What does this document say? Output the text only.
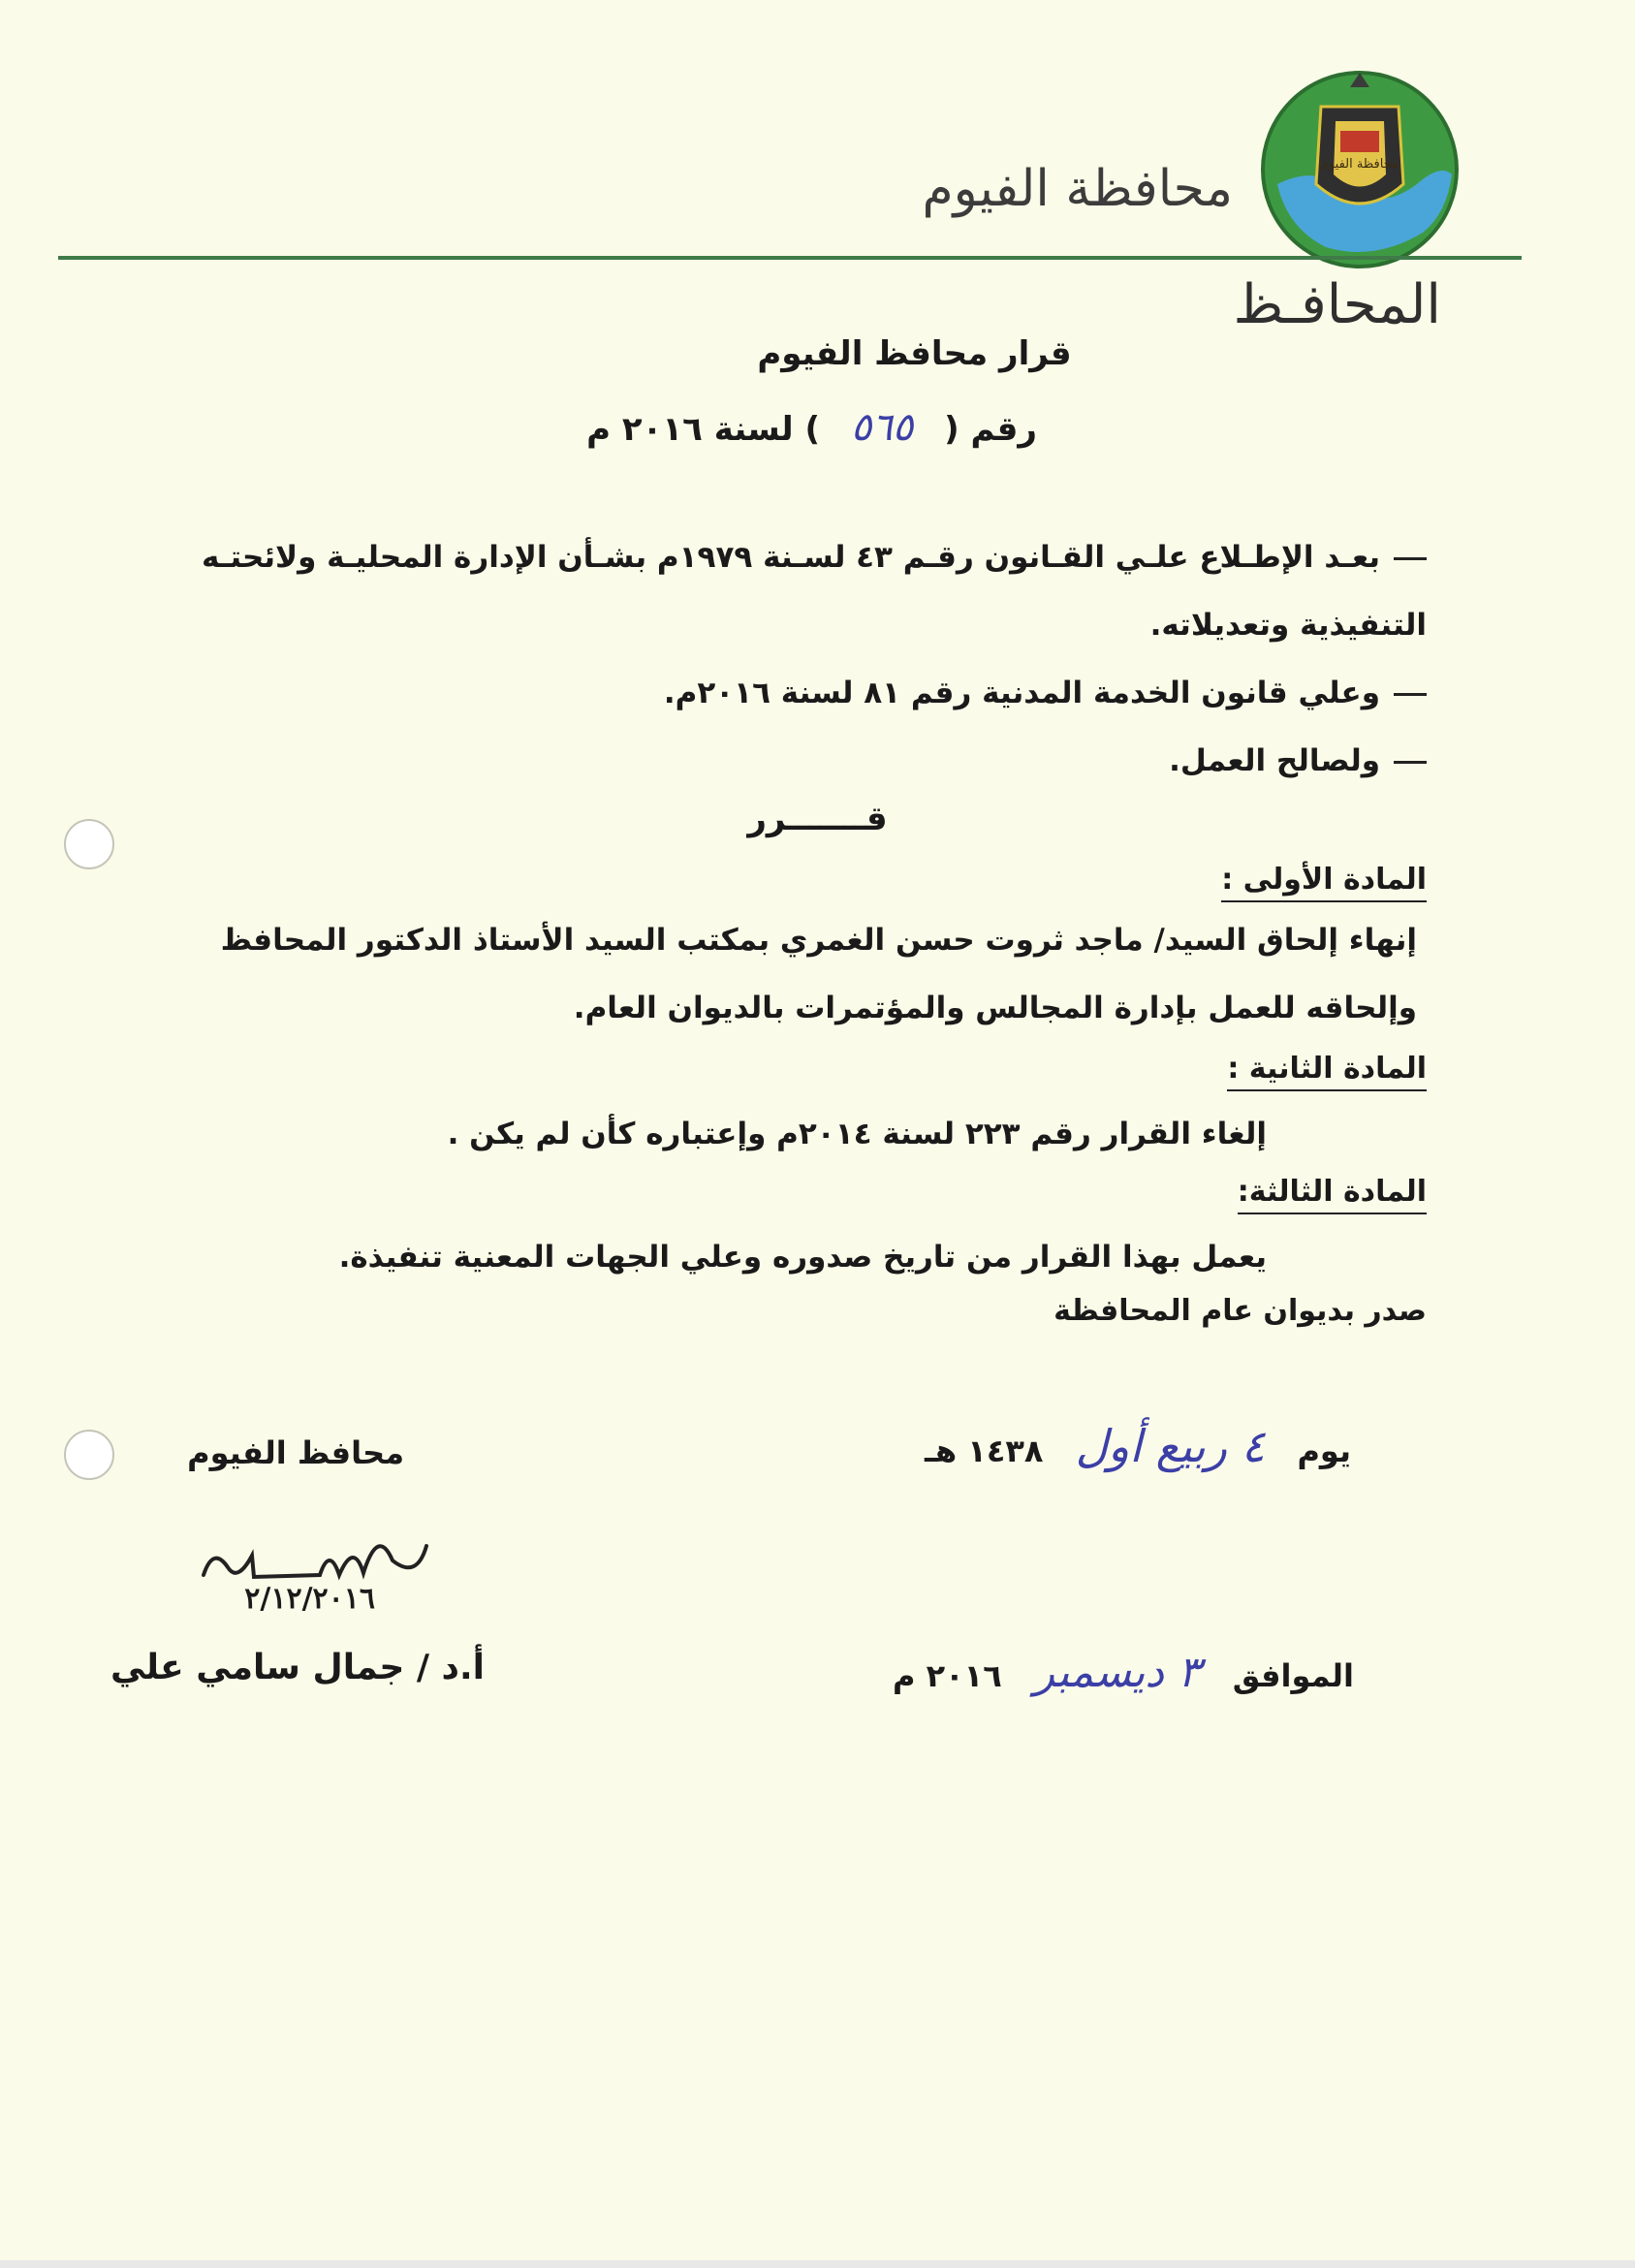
محافظة الفيوم
محافظة الفيوم
المحافـظ
قرار محافظ الفيوم
رقم ( ٥٦٥ ) لسنة ٢٠١٦ م
بعـد الإطـلاع علـي القـانون رقـم ٤٣ لسـنة ١٩٧٩م بشـأن الإدارة المحليـة ولائحتـه التنفيذية وتعديلاته.
وعلي قانون الخدمة المدنية رقم ٨١ لسنة ٢٠١٦م.
ولصالح العمل.
قـــــــرر
المادة الأولى :
إنهاء إلحاق السيد/ ماجد ثروت حسن الغمري بمكتب السيد الأستاذ الدكتور المحافظ وإلحاقه للعمل بإدارة المجالس والمؤتمرات بالديوان العام.
المادة الثانية :
إلغاء القرار رقم ٢٢٣ لسنة ٢٠١٤م وإعتباره كأن لم يكن .
المادة الثالثة:
يعمل بهذا القرار من تاريخ صدوره وعلي الجهات المعنية تنفيذة.
صدر بديوان عام المحافظة
يوم ٤ ربيع أول ١٤٣٨ هـ
الموافق ٣ ديسمبر ٢٠١٦ م
محافظ الفيوم
٢/١٢/٢٠١٦
أ.د / جمال سامي علي
